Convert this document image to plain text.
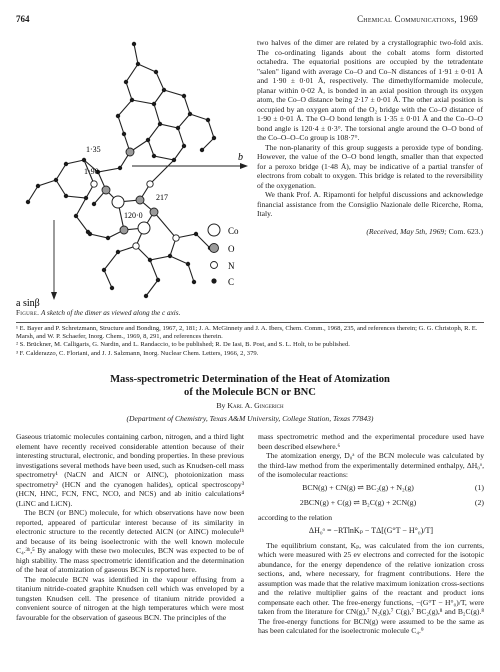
764	Chemical Communications, 1969
1·35
1·90
217
120·0
b
a sinβ
Co
O
N
C
Figure. A sketch of the dimer as viewed along the c axis.

two halves of the dimer are related by a crystallographic two-fold axis. The co-ordinating ligands about the cobalt atoms form distorted octahedra. The equatorial positions are occupied by the tetradentate "salen" ligand with average Co–O and Co–N distances of 1·91 ± 0·01 Å and 1·90 ± 0·01 Å, respectively. The dimethylformamide molecule, planar within 0·02 Å, is bonded in an axial position through its oxygen atom, the Co–O distance being 2·17 ± 0·01 Å. The other axial position is occupied by an oxygen atom of the O₂ bridge with the Co–O distance of 1·90 ± 0·01 Å. The O–O bond length is 1·35 ± 0·01 Å and the Co–O–O bond angle is 120·4 ± 0·3°. The torsional angle around the O–O bond of the Co–O–O–Co group is 108·7°.

The non-planarity of this group suggests a peroxide type of bonding. However, the value of the O–O bond length, smaller than that expected for a peroxo bridge (1·48 Å), may be indicative of a partial transfer of electrons from cobalt to oxygen. This bridge is related to the reversibility of the oxygenation.

We thank Prof. A. Ripamonti for helpful discussions and acknowledge financial assistance from the Consiglio Nazionale delle Ricerche, Roma, Italy.

(Received, May 5th, 1969; Com. 623.)
¹ E. Bayer and P. Schretzmann, Structure and Bonding, 1967, 2, 181; J. A. McGinnety and J. A. Ibers, Chem. Comm., 1968, 235, and references therein; G. G. Christoph, R. E. Marsh, and W. P. Schaefer, Inorg. Chem., 1969, 8, 291, and references therein.
² S. Brückner, M. Calligaris, G. Nardin, and L. Randaccio, to be published; R. De Iasi, B. Post, and S. L. Holt, to be published.
³ F. Calderazzo, C. Floriani, and J. J. Salzmann, Inorg. Nuclear Chem. Letters, 1966, 2, 379.
Mass-spectrometric Determination of the Heat of Atomization
of the Molecule BCN or BNC
By Karl A. Gingerich
(Department of Chemistry, Texas A&M University, College Station, Texas 77843)

Gaseous triatomic molecules containing carbon, nitrogen, and a third light element have recently received considerable attention because of their interesting structural, electronic, and bonding properties. In these previous investigations several methods have been used, such as Knudsen-cell mass spectrometry¹ (NaCN and AlCN or AlNC), photoionization mass spectrometry² (HCN and the cyanogen halides), optical spectroscopy³ (HCN, HNC, FCN, FNC, NCO, and NCS) and ab initio calculations⁴ (LiNC and LiCN).

The BCN (or BNC) molecule, for which observations have now been reported, appeared of particular interest because of its similarity in electronic structure to the recently detected AlCN (or AlNC) molecule¹ᵇ and because of its being isoelectronic with the well known molecule C₄.³ᵇ,⁵ By analogy with these two molecules, BCN was expected to be of high stability. The mass spectrometric identification and the determination of the heat of atomization of gaseous BCN is reported here.

The molecule BCN was identified in the vapour effusing from a titanium nitride-coated graphite Knudsen cell which was enveloped by a tungsten Knudsen cell. The presence of titanium nitride provided a convenient source of nitrogen at the high temperatures which were most favourable for the observation of gaseous BCN. The principles of the

mass spectrometric method and the experimental procedure used have been described elsewhere.⁶

The atomization energy, D₀ᵃ of the BCN molecule was calculated by the third-law method from the experimentally determined enthalpy, ΔH₀ᵒ, of the isomolecular reactions:

BCN(g) + CN(g) ⇌ BC₂(g) + N₂(g)	(1)
2BCN(g) + C(g) ⇌ B₂C(g) + 2CN(g)	(2)

according to the relation

ΔH₀ᵒ = −RTlnKₚ − TΔ[(G°T − H°₀)/T]

The equilibrium constant, Kₚ, was calculated from the ion currents, which were measured with 25 ev electrons and corrected for the isotopic abundance, for the energy dependence of the relative ionization cross sections, and, where necessary, for fragment contributions. Here the assumption was made that the relative maximum ionization cross-sections and the relative multiplier gains of the reactant and product ions compensate each other. The free-energy functions, −(G°T − H°₀)/T, were taken from the literature for CN(g),⁷ N₂(g),⁷ C(g),⁷ BC₂(g),⁸ and B₂C(g).⁸ The free-energy functions for BCN(g) were assumed to be the same as has been calculated for the isoelectronic molecule C₄.⁹
